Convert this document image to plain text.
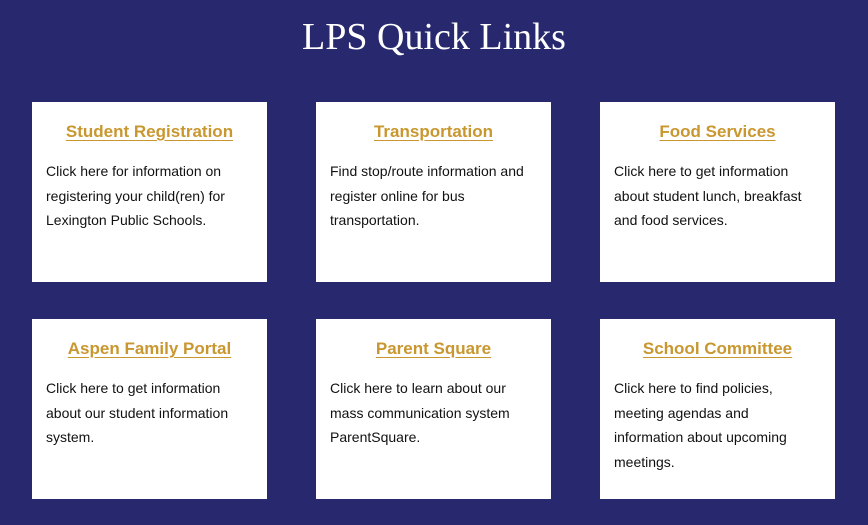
LPS Quick Links
Student Registration

Click here for information on registering your child(ren) for Lexington Public Schools.

Transportation

Find stop/route information and register online for bus transportation.

Food Services

Click here to get information about student lunch, breakfast and food services.

Aspen Family Portal

Click here to get information about our student information system.

Parent Square

Click here to learn about our mass communication system ParentSquare.

School Committee

Click here to find policies, meeting agendas and information about upcoming meetings.
